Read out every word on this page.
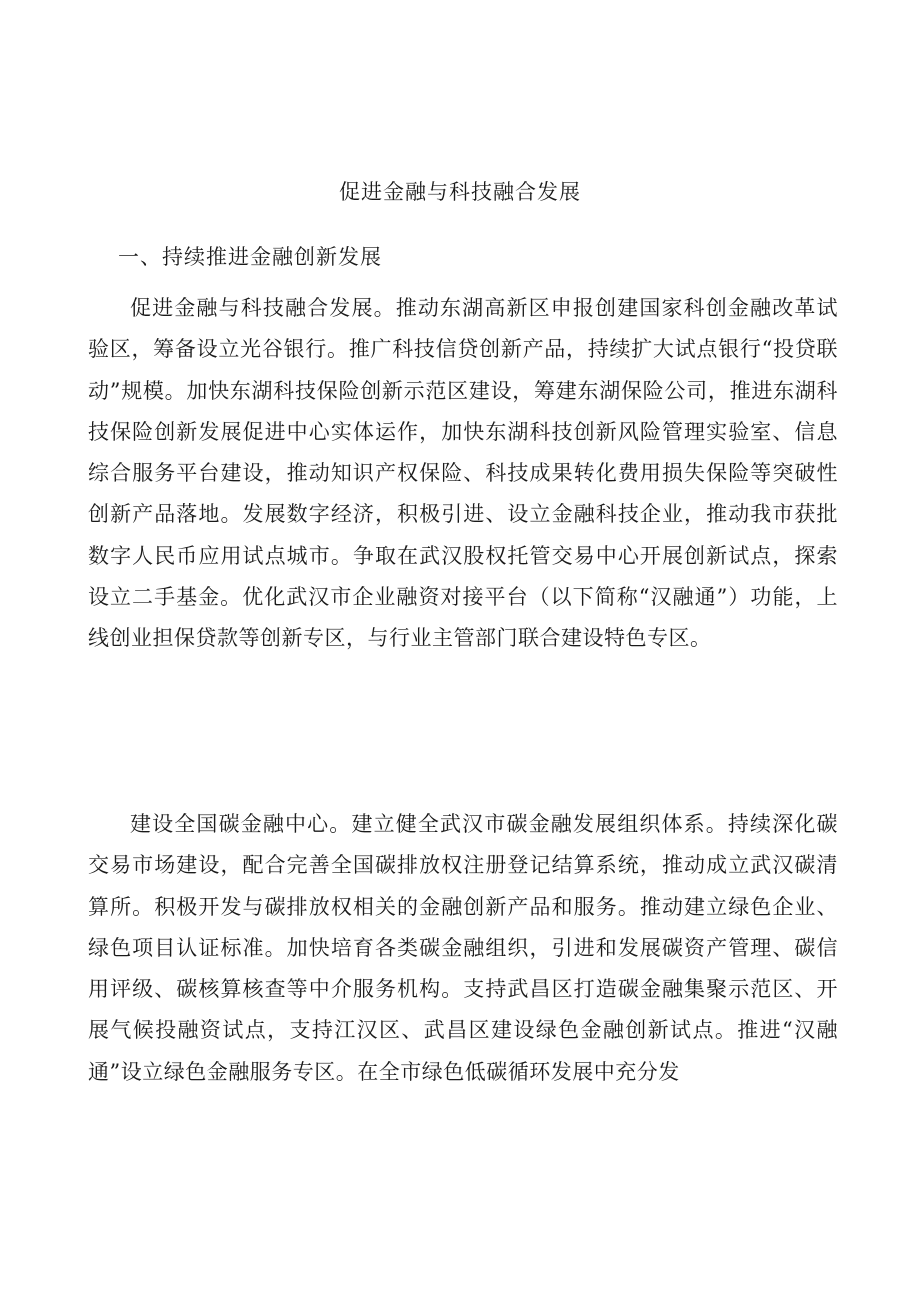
促进金融与科技融合发展
一、持续推进金融创新发展

促进金融与科技融合发展。推动东湖高新区申报创建国家科创金融改革试验区，筹备设立光谷银行。推广科技信贷创新产品，持续扩大试点银行“投贷联动”规模。加快东湖科技保险创新示范区建设，筹建东湖保险公司，推进东湖科技保险创新发展促进中心实体运作，加快东湖科技创新风险管理实验室、信息综合服务平台建设，推动知识产权保险、科技成果转化费用损失保险等突破性创新产品落地。发展数字经济，积极引进、设立金融科技企业，推动我市获批数字人民币应用试点城市。争取在武汉股权托管交易中心开展创新试点，探索设立二手基金。优化武汉市企业融资对接平台（以下简称“汉融通”）功能，上线创业担保贷款等创新专区，与行业主管部门联合建设特色专区。

建设全国碳金融中心。建立健全武汉市碳金融发展组织体系。持续深化碳交易市场建设，配合完善全国碳排放权注册登记结算系统，推动成立武汉碳清算所。积极开发与碳排放权相关的金融创新产品和服务。推动建立绿色企业、绿色项目认证标准。加快培育各类碳金融组织，引进和发展碳资产管理、碳信用评级、碳核算核查等中介服务机构。支持武昌区打造碳金融集聚示范区、开展气候投融资试点，支持江汉区、武昌区建设绿色金融创新试点。推进“汉融通”设立绿色金融服务专区。在全市绿色低碳循环发展中充分发
